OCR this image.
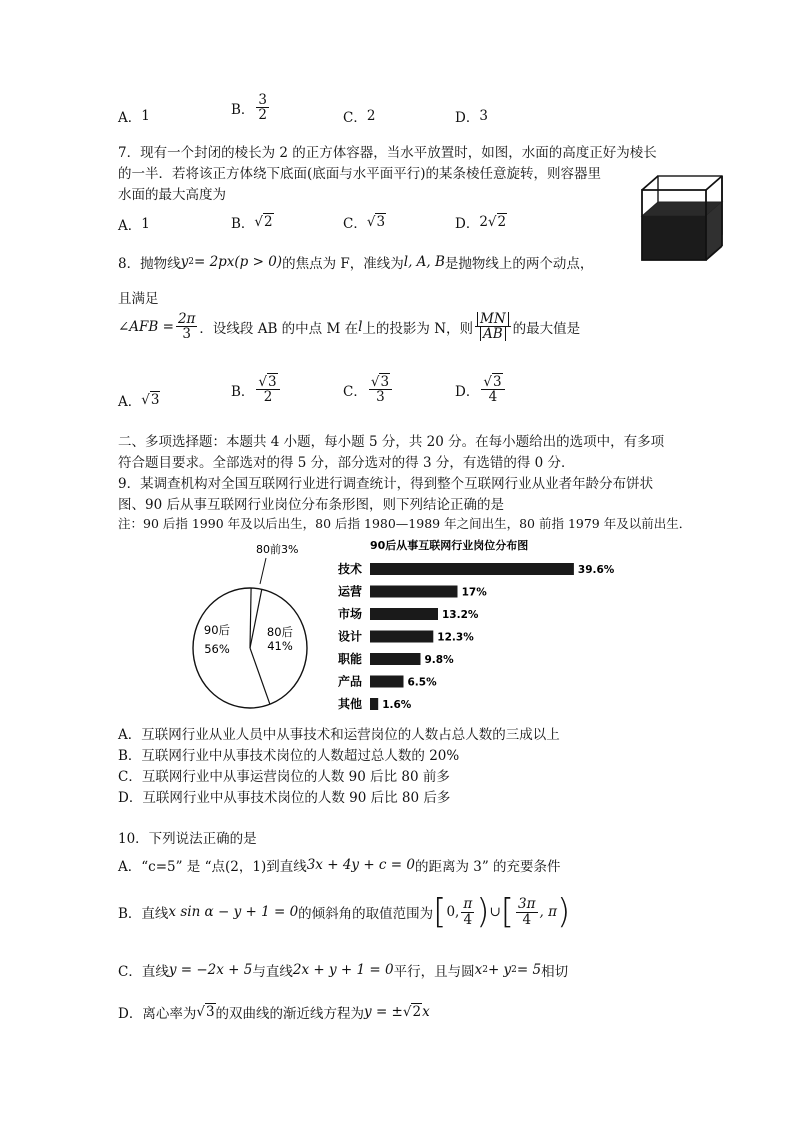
A． 1	B． $\frac{3}{2}$	C． 2	D． 3
7．现有一个封闭的棱长为 2 的正方体容器，当水平放置时，如图，水面的高度正好为棱长
的一半．若将该正方体绕下底面(底面与水平面平行)的某条棱任意旋转，则容器里
水面的最大高度为
A． 1	B． √2	C． √3	D． 2 √2
8．抛物线 y 2 = 2px(p > 0) 的焦点为 F，准线为 l, A, B 是抛物线上的两个动点，
且满足
∠AFB = $\frac{2\pi}{3}$ ．设线段 AB 的中点 M 在 l 上的投影为 N，则 $\frac{MN}{AB}$ 的最大值是
A． √3
B． $\frac{√3}{2}$	C． $\frac{√3}{3}$	D． $\frac{√3}{4}$
二、多项选择题：本题共 4 小题，每小题 5 分，共 20 分。在每小题给出的选项中，有多项
符合题目要求。全部选对的得 5 分，部分选对的得 3 分，有选错的得 0 分．
9．某调查机构对全国互联网行业进行调查统计，得到整个互联网行业从业者年龄分布饼状
图、90 后从事互联网行业岗位分布条形图，则下列结论正确的是
注：90 后指 1990 年及以后出生，80 后指 1980—1989 年之间出生，80 前指 1979 年及以前出生．
80前3%
80后
41%
90后
56%
90后从事互联网行业岗位分布图
技术	39.6%
运营	17%
市场	13.2%
设计	12.3%
职能	9.8%
产品	6.5%
其他 1.6%
A．互联网行业从业人员中从事技术和运营岗位的人数占总人数的三成以上
B．互联网行业中从事技术岗位的人数超过总人数的 20%
C．互联网行业中从事运营岗位的人数 90 后比 80 前多
D．互联网行业中从事技术岗位的人数 90 后比 80 后多
10．下列说法正确的是
A．“c=5” 是 “点(2，1)到直线 3x + 4y + c = 0 的距离为 3” 的充要条件
B．直线 x sin α − y + 1 = 0 的倾斜角的取值范围为 [ 0, $\frac{\pi}{4}$ ) ∪ [ $\frac{3\pi}{4}$ , π )
C．直线 y = −2x + 5 与直线 2x + y + 1 = 0 平行，且与圆 x 2 + y 2 = 5 相切
D．离心率为 √3 的双曲线的渐近线方程为 y = ± √2 x
